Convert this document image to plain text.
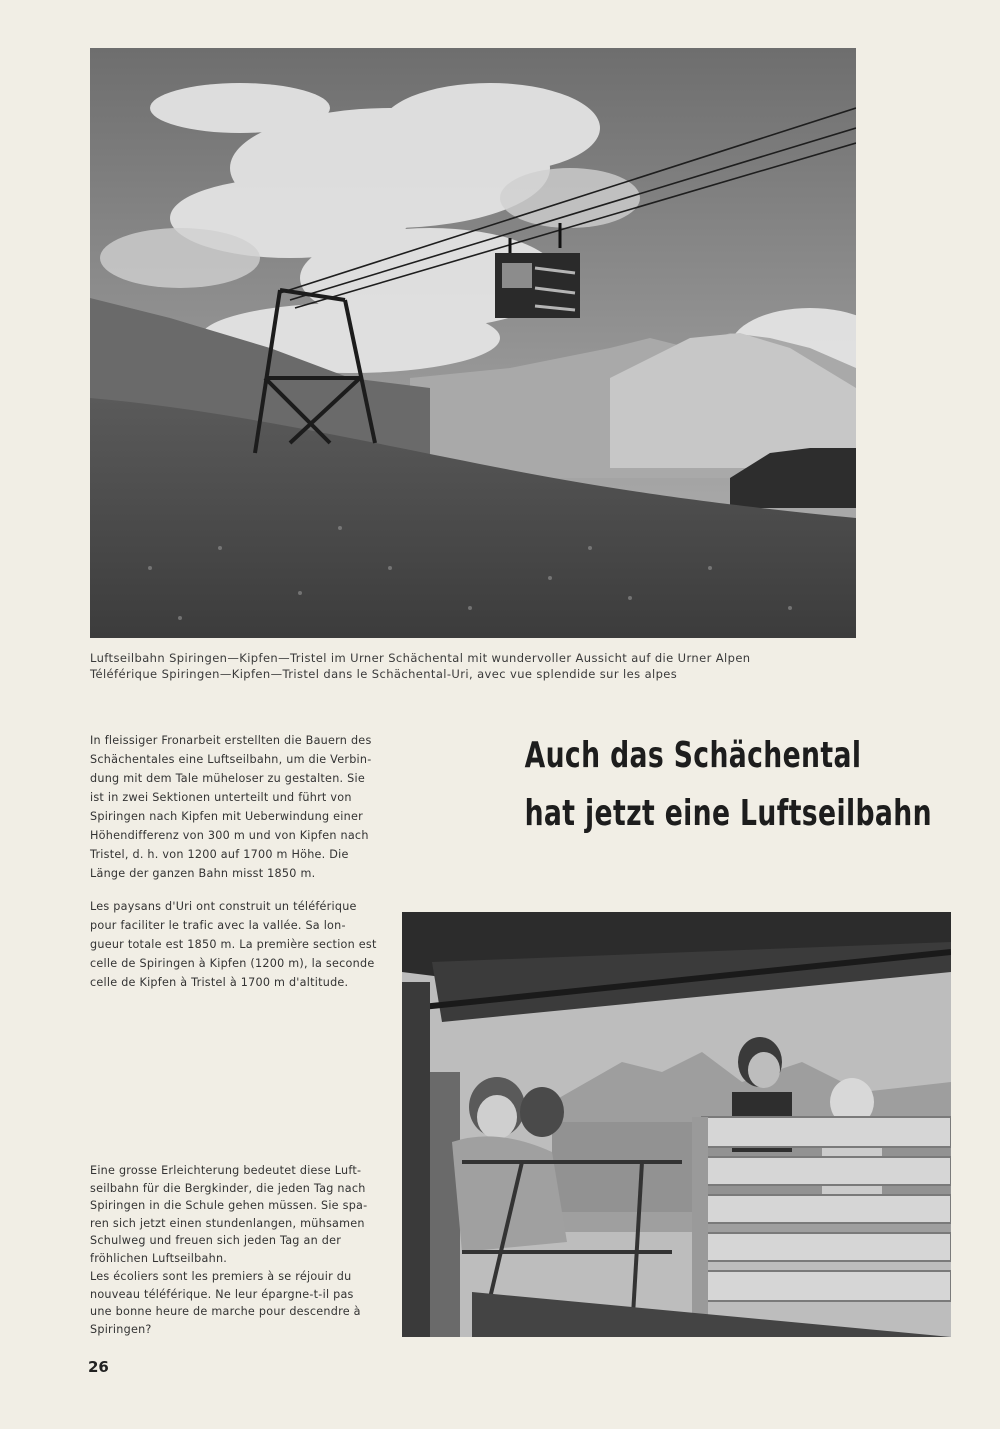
Luftseilbahn Spiringen—Kipfen—Tristel im Urner Schächental mit wundervoller Aussicht auf die Urner Alpen
Téléférique Spiringen—Kipfen—Tristel dans le Schächental-Uri, avec vue splendide sur les alpes
Auch das Schächental
hat jetzt eine Luftseilbahn
In fleissiger Fronarbeit erstellten die Bauern des
Schächentales eine Luftseilbahn, um die Verbin-
dung mit dem Tale müheloser zu gestalten. Sie
ist in zwei Sektionen unterteilt und führt von
Spiringen nach Kipfen mit Ueberwindung einer
Höhendifferenz von 300 m und von Kipfen nach
Tristel, d. h. von 1200 auf 1700 m Höhe. Die
Länge der ganzen Bahn misst 1850 m.
Les paysans d'Uri ont construit un téléférique
pour faciliter le trafic avec la vallée. Sa lon-
gueur totale est 1850 m. La première section est
celle de Spiringen à Kipfen (1200 m), la seconde
celle de Kipfen à Tristel à 1700 m d'altitude.
Eine grosse Erleichterung bedeutet diese Luft-
seilbahn für die Bergkinder, die jeden Tag nach
Spiringen in die Schule gehen müssen. Sie spa-
ren sich jetzt einen stundenlangen, mühsamen
Schulweg und freuen sich jeden Tag an der
fröhlichen Luftseilbahn.
Les écoliers sont les premiers à se réjouir du
nouveau téléférique. Ne leur épargne-t-il pas
une bonne heure de marche pour descendre à
Spiringen?
26
